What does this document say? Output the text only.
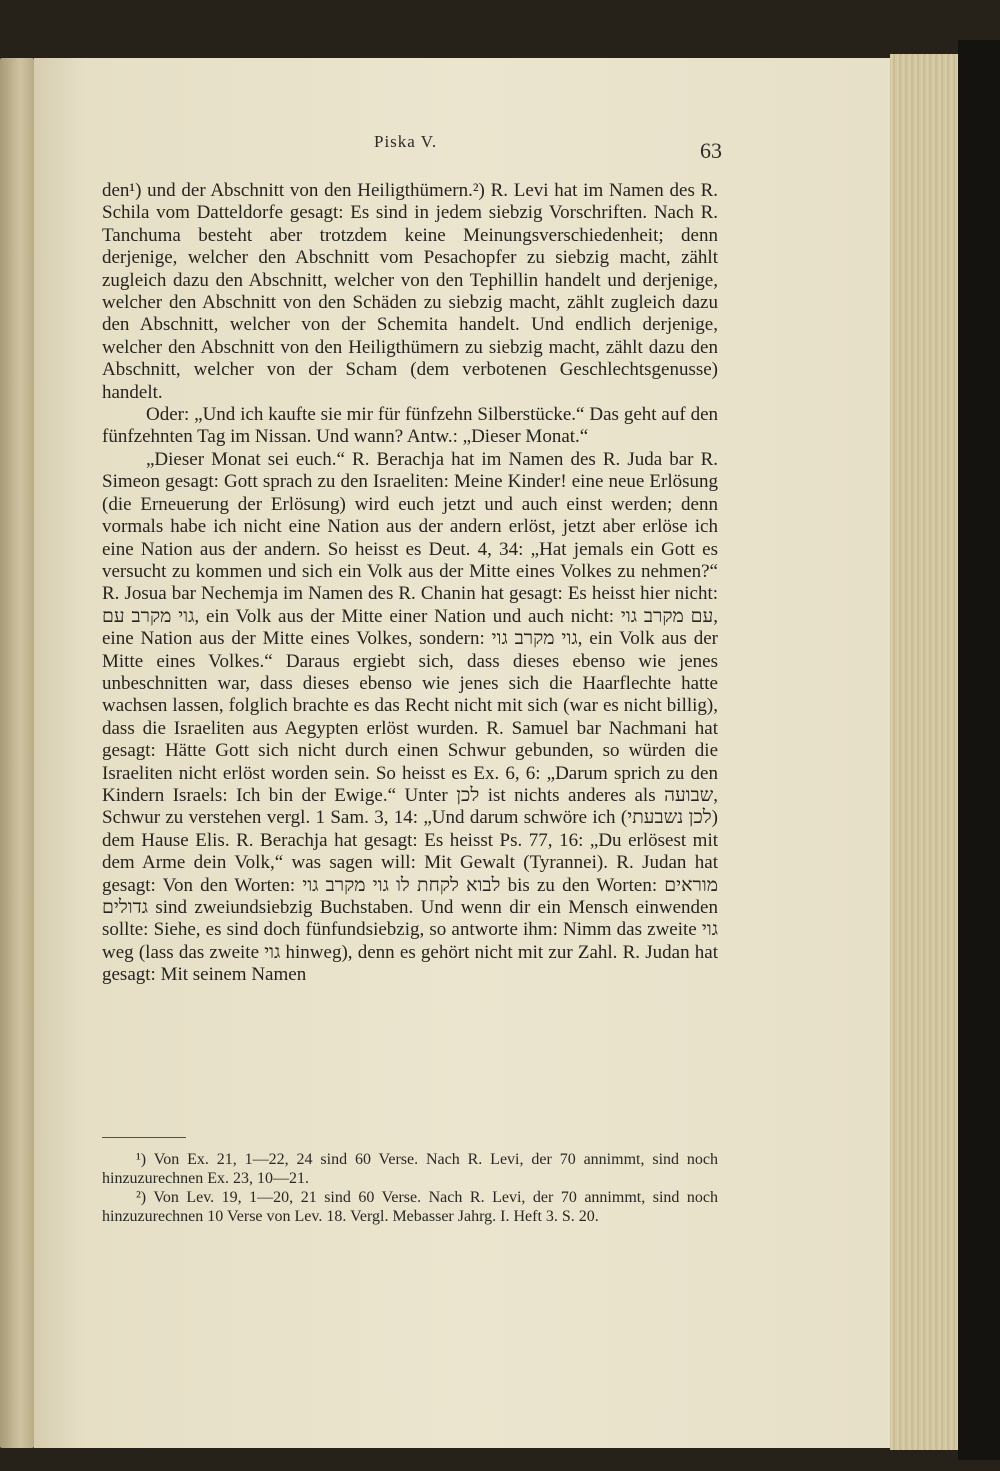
Piska V.	63

den¹) und der Abschnitt von den Heiligthümern.²) R. Levi hat im Namen des R. Schila vom Datteldorfe gesagt: Es sind in jedem siebzig Vorschriften. Nach R. Tanchuma besteht aber trotzdem keine Meinungsverschiedenheit; denn derjenige, welcher den Abschnitt vom Pesachopfer zu siebzig macht, zählt zugleich dazu den Abschnitt, welcher von den Tephillin handelt und derjenige, welcher den Abschnitt von den Schäden zu siebzig macht, zählt zugleich dazu den Abschnitt, welcher von der Schemita handelt. Und endlich derjenige, welcher den Abschnitt von den Heiligthümern zu siebzig macht, zählt dazu den Abschnitt, welcher von der Scham (dem verbotenen Geschlechtsgenusse) handelt.

Oder: „Und ich kaufte sie mir für fünfzehn Silberstücke.“ Das geht auf den fünfzehnten Tag im Nissan. Und wann? Antw.: „Dieser Monat.“

„Dieser Monat sei euch.“ R. Berachja hat im Namen des R. Juda bar R. Simeon gesagt: Gott sprach zu den Israeliten: Meine Kinder! eine neue Erlösung (die Erneuerung der Erlösung) wird euch jetzt und auch einst werden; denn vormals habe ich nicht eine Nation aus der andern erlöst, jetzt aber erlöse ich eine Nation aus der andern. So heisst es Deut. 4, 34: „Hat jemals ein Gott es versucht zu kommen und sich ein Volk aus der Mitte eines Volkes zu nehmen?“ R. Josua bar Nechemja im Namen des R. Chanin hat gesagt: Es heisst hier nicht: גוי מקרב עם, ein Volk aus der Mitte einer Nation und auch nicht: עם מקרב גוי, eine Nation aus der Mitte eines Volkes, sondern: גוי מקרב גוי, ein Volk aus der Mitte eines Volkes.“ Daraus ergiebt sich, dass dieses ebenso wie jenes unbeschnitten war, dass dieses ebenso wie jenes sich die Haarflechte hatte wachsen lassen, folglich brachte es das Recht nicht mit sich (war es nicht billig), dass die Israeliten aus Aegypten erlöst wurden. R. Samuel bar Nachmani hat gesagt: Hätte Gott sich nicht durch einen Schwur gebunden, so würden die Israeliten nicht erlöst worden sein. So heisst es Ex. 6, 6: „Darum sprich zu den Kindern Israels: Ich bin der Ewige.“ Unter לכן ist nichts anderes als שבועה, Schwur zu verstehen vergl. 1 Sam. 3, 14: „Und darum schwöre ich (לכן נשבעתי) dem Hause Elis. R. Berachja hat gesagt: Es heisst Ps. 77, 16: „Du erlösest mit dem Arme dein Volk,“ was sagen will: Mit Gewalt (Tyrannei). R. Judan hat gesagt: Von den Worten: לבוא לקחת לו גוי מקרב גוי bis zu den Worten: מוראים גדולים sind zweiundsiebzig Buchstaben. Und wenn dir ein Mensch einwenden sollte: Siehe, es sind doch fünfundsiebzig, so antworte ihm: Nimm das zweite גוי weg (lass das zweite גוי hinweg), denn es gehört nicht mit zur Zahl. R. Judan hat gesagt: Mit seinem Namen

¹) Von Ex. 21, 1—22, 24 sind 60 Verse. Nach R. Levi, der 70 annimmt, sind noch hinzuzurechnen Ex. 23, 10—21.

²) Von Lev. 19, 1—20, 21 sind 60 Verse. Nach R. Levi, der 70 annimmt, sind noch hinzuzurechnen 10 Verse von Lev. 18. Vergl. Mebasser Jahrg. I. Heft 3. S. 20.
